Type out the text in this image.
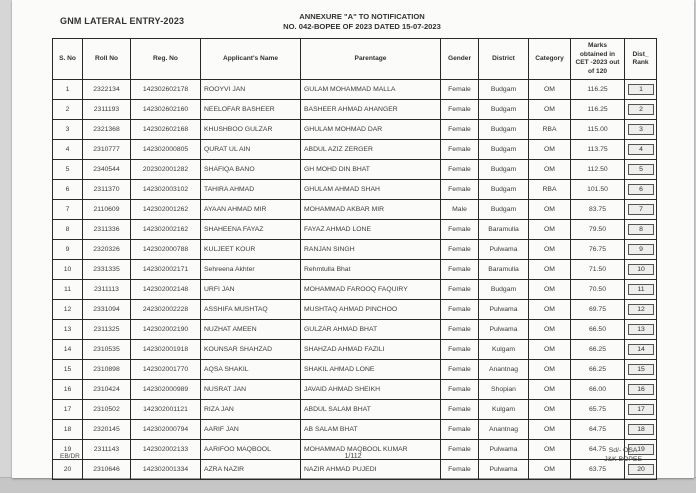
GNM LATERAL ENTRY-2023	ANNEXURE "A" TO NOTIFICATION
NO. 042-BOPEE OF 2023 DATED 15-07-2023
S. No	Roll No	Reg. No	Applicant's Name	Parentage	Gender	District	Category	Marks obtained in CET -2023 out of 120	Dist_ Rank
1	2322134	142302602178	ROOYVI JAN	GULAM MOHAMMAD MALLA	Female	Budgam	OM	116.25	1
2	2311193	142302602160	NEELOFAR BASHEER	BASHEER AHMAD AHANGER	Female	Budgam	OM	116.25	2
3	2321368	142302602168	KHUSHBOO GULZAR	GHULAM MOHMAD DAR	Female	Budgam	RBA	115.00	3
4	2310777	142302000805	QURAT UL AIN	ABDUL AZIZ ZERGER	Female	Budgam	OM	113.75	4
5	2340544	202302001282	SHAFIQA BANO	GH MOHD DIN BHAT	Female	Budgam	OM	112.50	5
6	2311370	142302003102	TAHIRA AHMAD	GHULAM AHMAD SHAH	Female	Budgam	RBA	101.50	6
7	2110609	142302001262	AYAAN AHMAD MIR	MOHAMMAD AKBAR MIR	Male	Budgam	OM	83.75	7
8	2311336	142302002162	SHAHEENA FAYAZ	FAYAZ AHMAD LONE	Female	Baramulla	OM	79.50	8
9	2320326	142302000788	KULJEET KOUR	RANJAN SINGH	Female	Pulwama	OM	76.75	9
10	2331335	142302002171	Sehreena Akhter	Rehmtulla Bhat	Female	Baramulla	OM	71.50	10
11	2311113	142302002148	URFI JAN	MOHAMMAD FAROOQ FAQUIRY	Female	Budgam	OM	70.50	11
12	2331094	242302002228	ASSHIFA MUSHTAQ	MUSHTAQ AHMAD PINCHOO	Female	Pulwama	OM	69.75	12
13	2311325	142302002190	NUZHAT AMEEN	GULZAR AHMAD BHAT	Female	Pulwama	OM	66.50	13
14	2310535	142302001918	KOUNSAR SHAHZAD	SHAHZAD AHMAD FAZILI	Female	Kulgam	OM	66.25	14
15	2310898	142302001770	AQSA SHAKIL	SHAKIL AHMAD LONE	Female	Anantnag	OM	66.25	15
16	2310424	142302000989	NUSRAT JAN	JAVAID AHMAD SHEIKH	Female	Shopian	OM	66.00	16
17	2310502	142302001121	RIZA JAN	ABDUL SALAM BHAT	Female	Kulgam	OM	65.75	17
18	2320145	142302000794	AARIF JAN	AB SALAM BHAT	Female	Anantnag	OM	64.75	18
19	2311143	142302002133	AARIFOO MAQBOOL	MOHAMMAD MAQBOOL KUMAR	Female	Pulwama	OM	64.75	19
20	2310646	142302001334	AZRA NAZIR	NAZIR AHMAD PUJEDI	Female	Pulwama	OM	63.75	20
EB/DR	1/112
Sd/- OSA
J&K BOPEE
